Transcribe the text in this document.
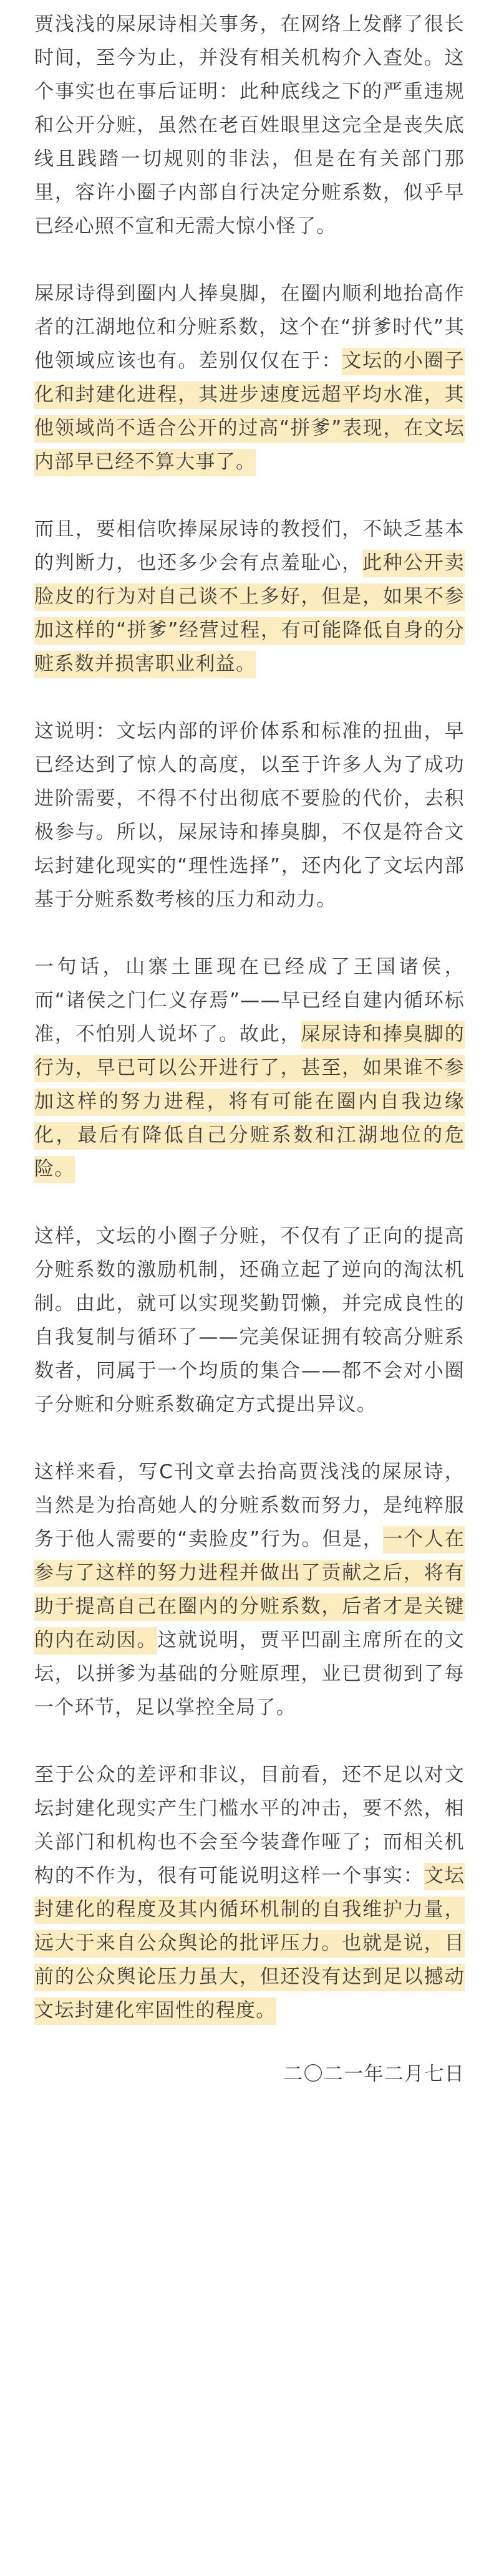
贾浅浅的屎尿诗相关事务，在网络上发酵了很长时间，至今为止，并没有相关机构介入查处。这个事实也在事后证明：此种底线之下的严重违规和公开分赃，虽然在老百姓眼里这完全是丧失底线且践踏一切规则的非法，但是在有关部门那里，容许小圈子内部自行决定分赃系数，似乎早已经心照不宣和无需大惊小怪了。

屎尿诗得到圈内人捧臭脚，在圈内顺利地抬高作者的江湖地位和分赃系数，这个在“拼爹时代”其他领域应该也有。差别仅仅在于：文坛的小圈子化和封建化进程，其进步速度远超平均水准，其他领域尚不适合公开的过高“拼爹”表现，在文坛内部早已经不算大事了。

而且，要相信吹捧屎尿诗的教授们，不缺乏基本的判断力，也还多少会有点羞耻心，此种公开卖脸皮的行为对自己谈不上多好，但是，如果不参加这样的“拼爹”经营过程，有可能降低自身的分赃系数并损害职业利益。

这说明：文坛内部的评价体系和标准的扭曲，早已经达到了惊人的高度，以至于许多人为了成功进阶需要，不得不付出彻底不要脸的代价，去积极参与。所以，屎尿诗和捧臭脚，不仅是符合文坛封建化现实的“理性选择”，还内化了文坛内部基于分赃系数考核的压力和动力。

一句话，山寨土匪现在已经成了王国诸侯，而“诸侯之门仁义存焉”——早已经自建内循环标准，不怕别人说坏了。故此，屎尿诗和捧臭脚的行为，早已可以公开进行了，甚至，如果谁不参加这样的努力进程，将有可能在圈内自我边缘化，最后有降低自己分赃系数和江湖地位的危险。

这样，文坛的小圈子分赃，不仅有了正向的提高分赃系数的激励机制，还确立起了逆向的淘汰机制。由此，就可以实现奖勤罚懒，并完成良性的自我复制与循环了——完美保证拥有较高分赃系数者，同属于一个均质的集合——都不会对小圈子分赃和分赃系数确定方式提出异议。

这样来看，写C刊文章去抬高贾浅浅的屎尿诗，当然是为抬高她人的分赃系数而努力，是纯粹服务于他人需要的“卖脸皮”行为。但是，一个人在参与了这样的努力进程并做出了贡献之后，将有助于提高自己在圈内的分赃系数，后者才是关键的内在动因。这就说明，贾平凹副主席所在的文坛，以拼爹为基础的分赃原理，业已贯彻到了每一个环节，足以掌控全局了。

至于公众的差评和非议，目前看，还不足以对文坛封建化现实产生门槛水平的冲击，要不然，相关部门和机构也不会至今装聋作哑了；而相关机构的不作为，很有可能说明这样一个事实：文坛封建化的程度及其内循环机制的自我维护力量，远大于来自公众舆论的批评压力。也就是说，目前的公众舆论压力虽大，但还没有达到足以撼动文坛封建化牢固性的程度。

二〇二一年二月七日
